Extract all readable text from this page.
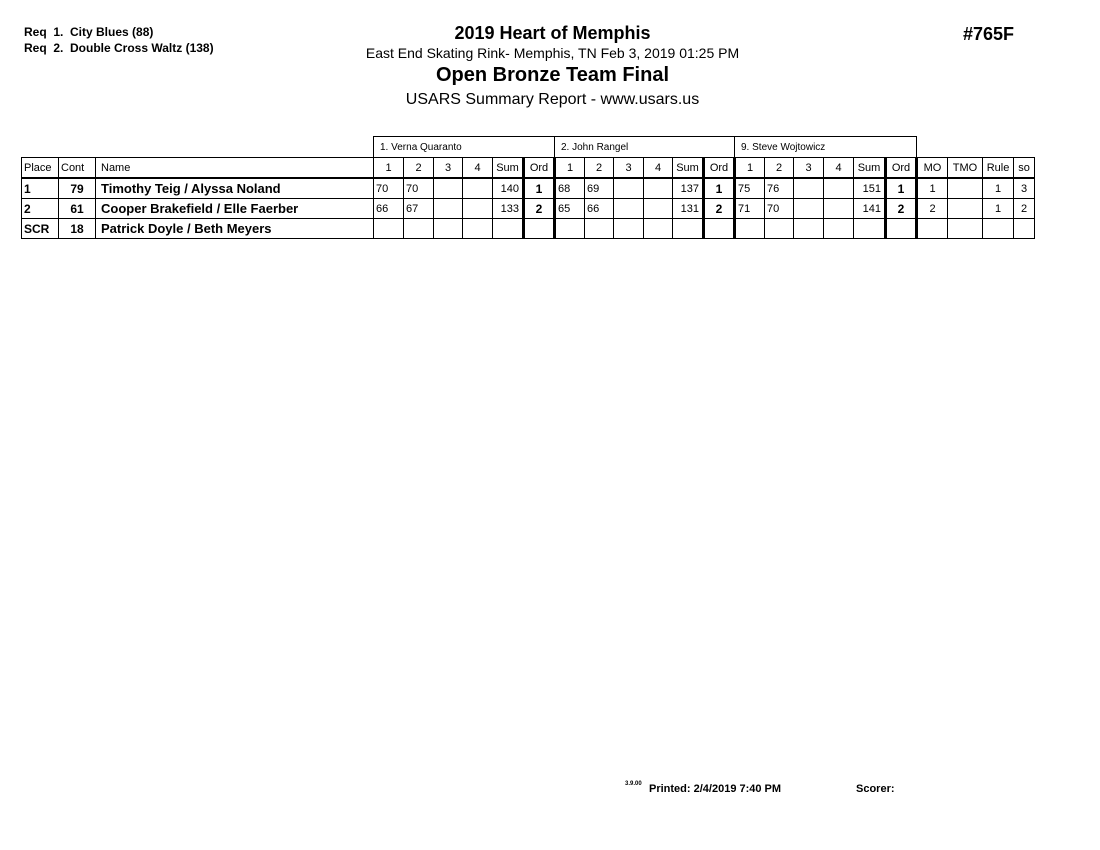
Req  1.  City Blues (88)
Req  2.  Double Cross Waltz (138)
2019 Heart of Memphis
East End Skating Rink- Memphis, TN Feb 3, 2019 01:25 PM
Open Bronze Team Final
USARS Summary Report - www.usars.us
#765F
			1. Verna Quaranto						2. John Rangel						9. Steve Wojtowicz									
Place	Cont	Name	1	2	3	4	Sum	Ord	1	2	3	4	Sum	Ord	1	2	3	4	Sum	Ord	MO	TMO	Rule	so
1	79	Timothy Teig / Alyssa Noland	70	70			140	1	68	69			137	1	75	76			151	1	1		1	3
2	61	Cooper Brakefield / Elle Faerber	66	67			133	2	65	66			131	2	71	70			141	2	2		1	2
SCR	18	Patrick Doyle / Beth Meyers																						
3.9.00 Printed: 2/4/2019 7:40 PM	Scorer:
